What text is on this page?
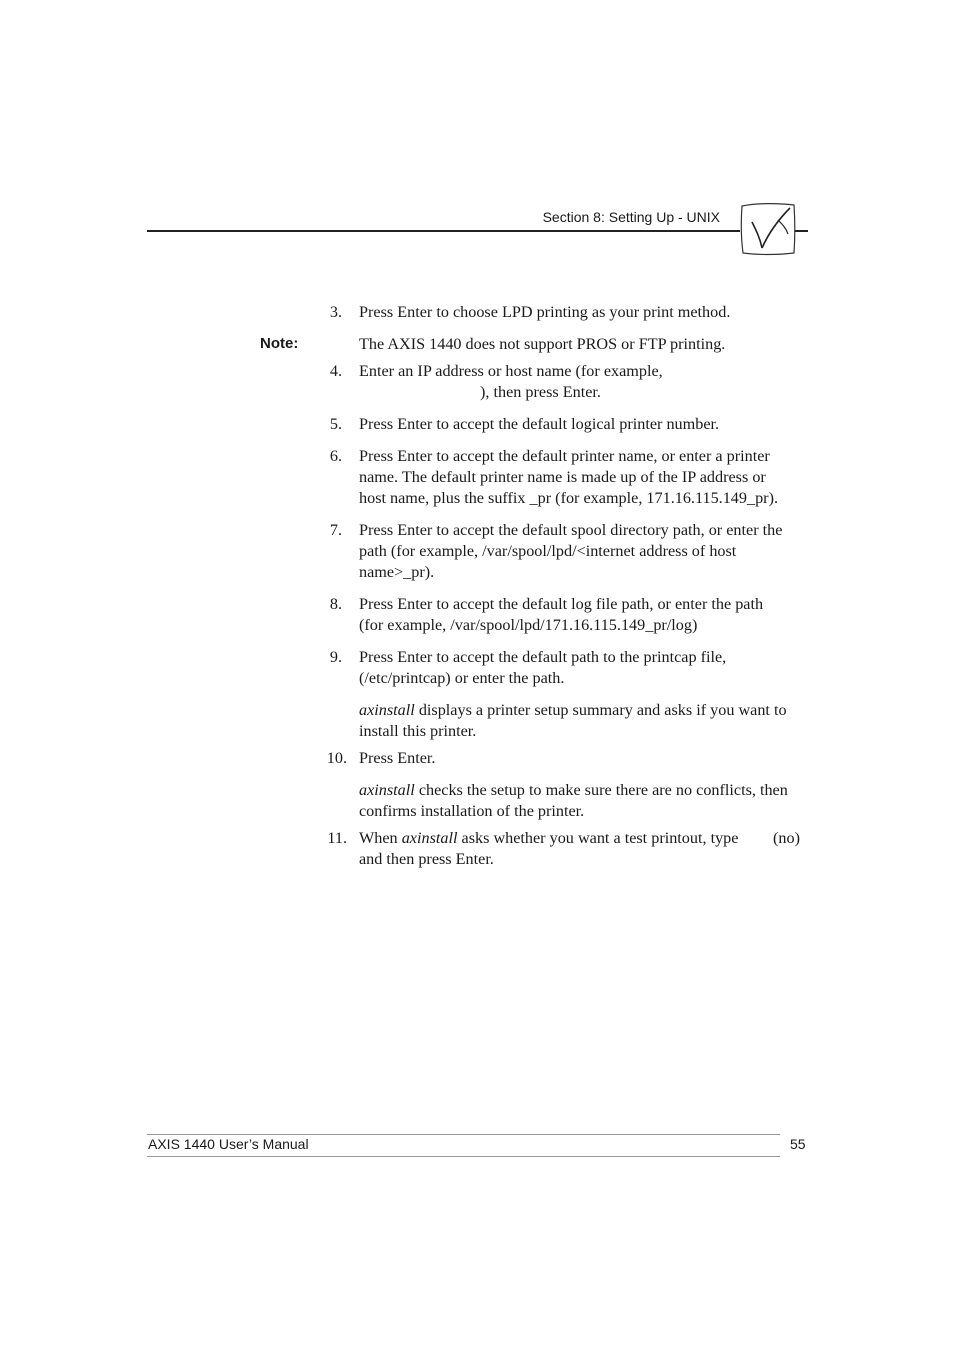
Section 8: Setting Up - UNIX
3. Press Enter to choose LPD printing as your print method.
Note:	The AXIS 1440 does not support PROS or FTP printing.
4. Enter an IP address or host name (for example,
), then press Enter.
5. Press Enter to accept the default logical printer number.
6. Press Enter to accept the default printer name, or enter a printer
name. The default printer name is made up of the IP address or
host name, plus the suffix _pr (for example, 171.16.115.149_pr).
7. Press Enter to accept the default spool directory path, or enter the
path (for example, /var/spool/lpd/<internet address of host
name>_pr).
8. Press Enter to accept the default log file path, or enter the path
(for example, /var/spool/lpd/171.16.115.149_pr/log)
9. Press Enter to accept the default path to the printcap file,
(/etc/printcap) or enter the path.
axinstall displays a printer setup summary and asks if you want to
install this printer.
10. Press Enter.
axinstall checks the setup to make sure there are no conflicts, then
confirms installation of the printer.
11. When axinstall asks whether you want a test printout, type (no)
and then press Enter.
AXIS 1440 User’s Manual	55
